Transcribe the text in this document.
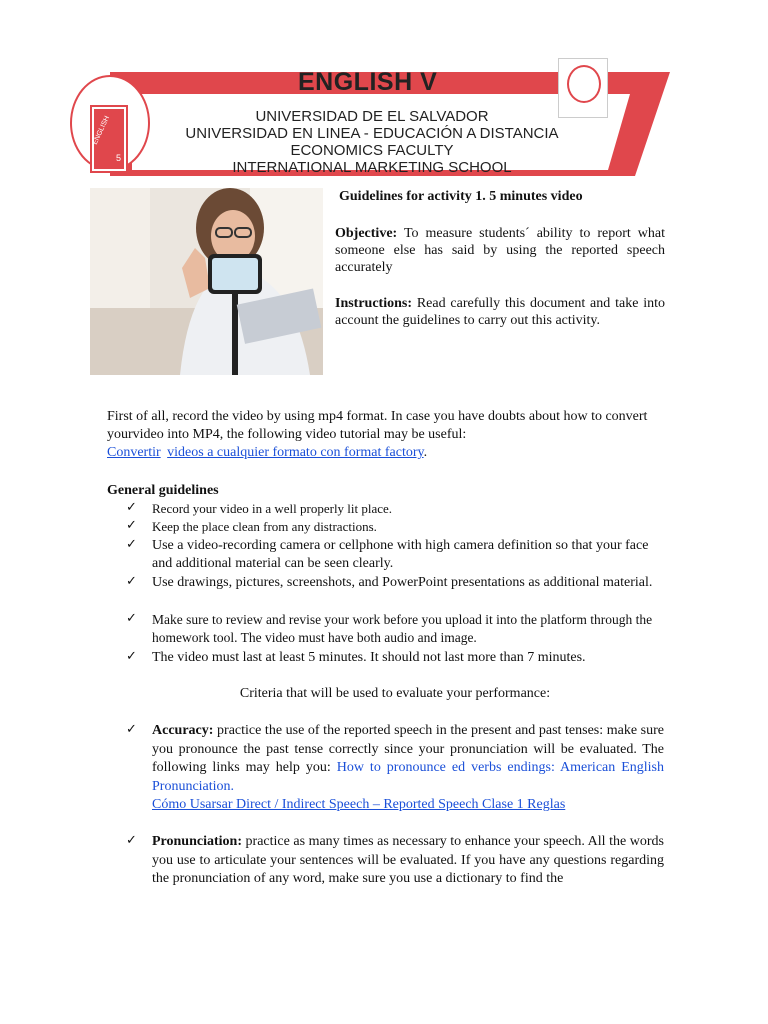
ENGLISH
5
ENGLISH V
UNIVERSIDAD DE EL SALVADOR
UNIVERSIDAD EN LINEA - EDUCACIÓN A DISTANCIA
ECONOMICS FACULTY
INTERNATIONAL MARKETING SCHOOL
Guidelines for activity 1. 5 minutes video
Objective: To measure students´ ability to report what someone else has said by using the reported speech accurately
Instructions: Read carefully this document and take into account the guidelines to carry out this activity.
First of all, record the video by using mp4 format. In case you have doubts about how to convert
yourvideo into MP4, the following video tutorial may be useful:
Convertir videos a cualquier formato con format factory.
General guidelines
✓ Record your video in a well properly lit place.
✓ Keep the place clean from any distractions.
✓ Use a video-recording camera or cellphone with high camera definition so that your face and additional material can be seen clearly.
✓ Use drawings, pictures, screenshots, and PowerPoint presentations as additional material.
✓ Make sure to review and revise your work before you upload it into the platform through the homework tool. The video must have both audio and image.
✓ The video must last at least 5 minutes. It should not last more than 7 minutes.
Criteria that will be used to evaluate your performance:
✓ Accuracy: practice the use of the reported speech in the present and past tenses: make sure you pronounce the past tense correctly since your pronunciation will be evaluated. The following links may help you: How to pronounce ed verbs endings: American English Pronunciation.
Cómo Usarsar Direct / Indirect Speech – Reported Speech Clase 1 Reglas
✓ Pronunciation: practice as many times as necessary to enhance your speech. All the words you use to articulate your sentences will be evaluated. If you have any questions regarding the pronunciation of any word, make sure you use a dictionary to find the
